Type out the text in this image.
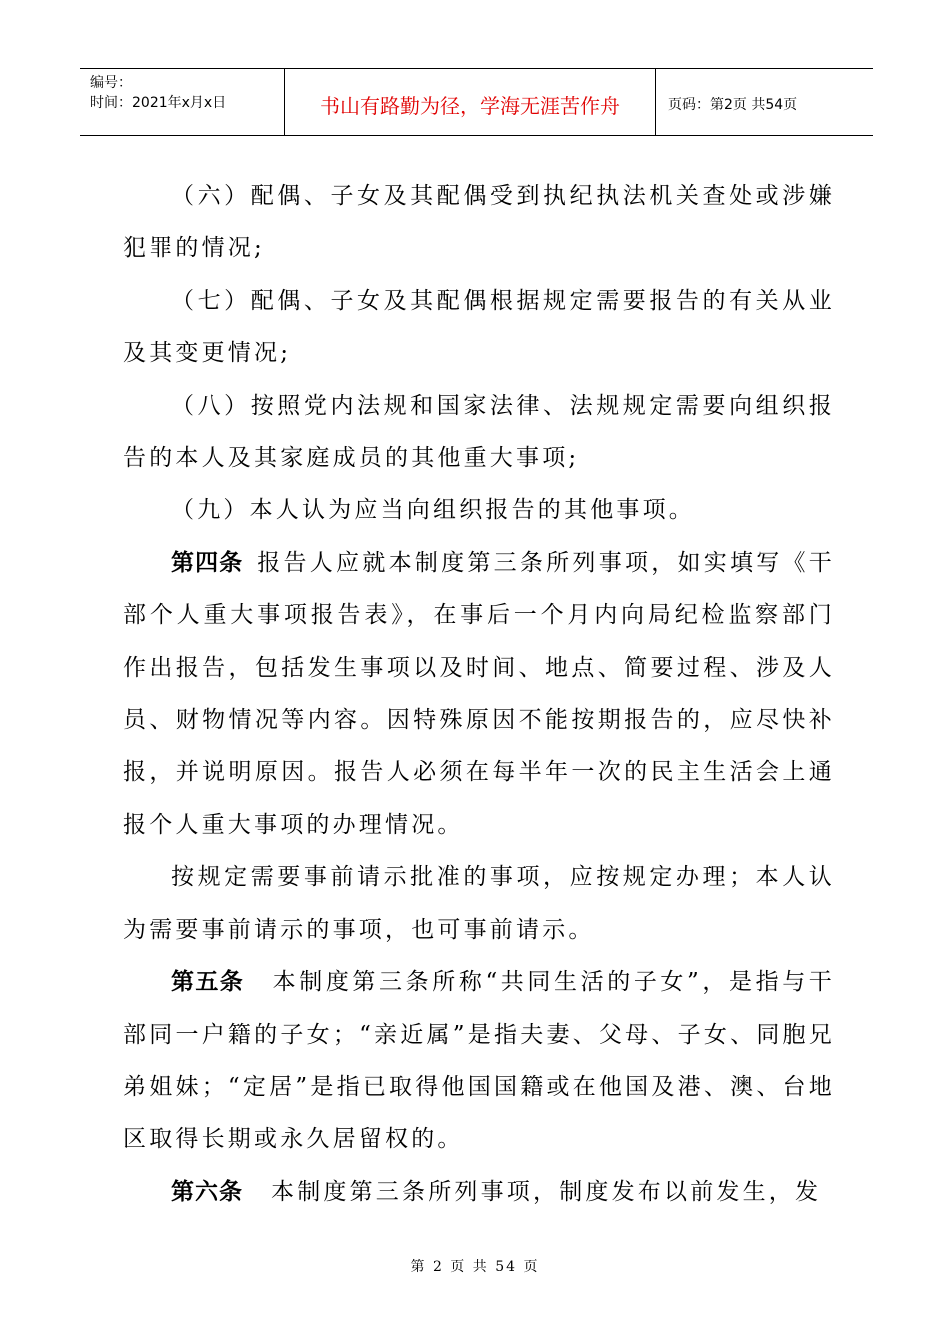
编号：
时间：2021年x月x日	书山有路勤为径，学海无涯苦作舟	页码：第2页 共54页

（六）配偶、子女及其配偶受到执纪执法机关查处或涉嫌犯罪的情况;

（七）配偶、子女及其配偶根据规定需要报告的有关从业及其变更情况;

（八）按照党内法规和国家法律、法规规定需要向组织报告的本人及其家庭成员的其他重大事项;

（九）本人认为应当向组织报告的其他事项。

第四条 报告人应就本制度第三条所列事项，如实填写《干部个人重大事项报告表》，在事后一个月内向局纪检监察部门作出报告，包括发生事项以及时间、地点、简要过程、涉及人员、财物情况等内容。因特殊原因不能按期报告的，应尽快补报，并说明原因。报告人必须在每半年一次的民主生活会上通报个人重大事项的办理情况。

按规定需要事前请示批准的事项，应按规定办理；本人认为需要事前请示的事项，也可事前请示。

第五条 本制度第三条所称“共同生活的子女”，是指与干部同一户籍的子女；“亲近属”是指夫妻、父母、子女、同胞兄弟姐妹；“定居”是指已取得他国国籍或在他国及港、澳、台地区取得长期或永久居留权的。

第六条 本制度第三条所列事项，制度发布以前发生，发

第 2 页 共 54 页
